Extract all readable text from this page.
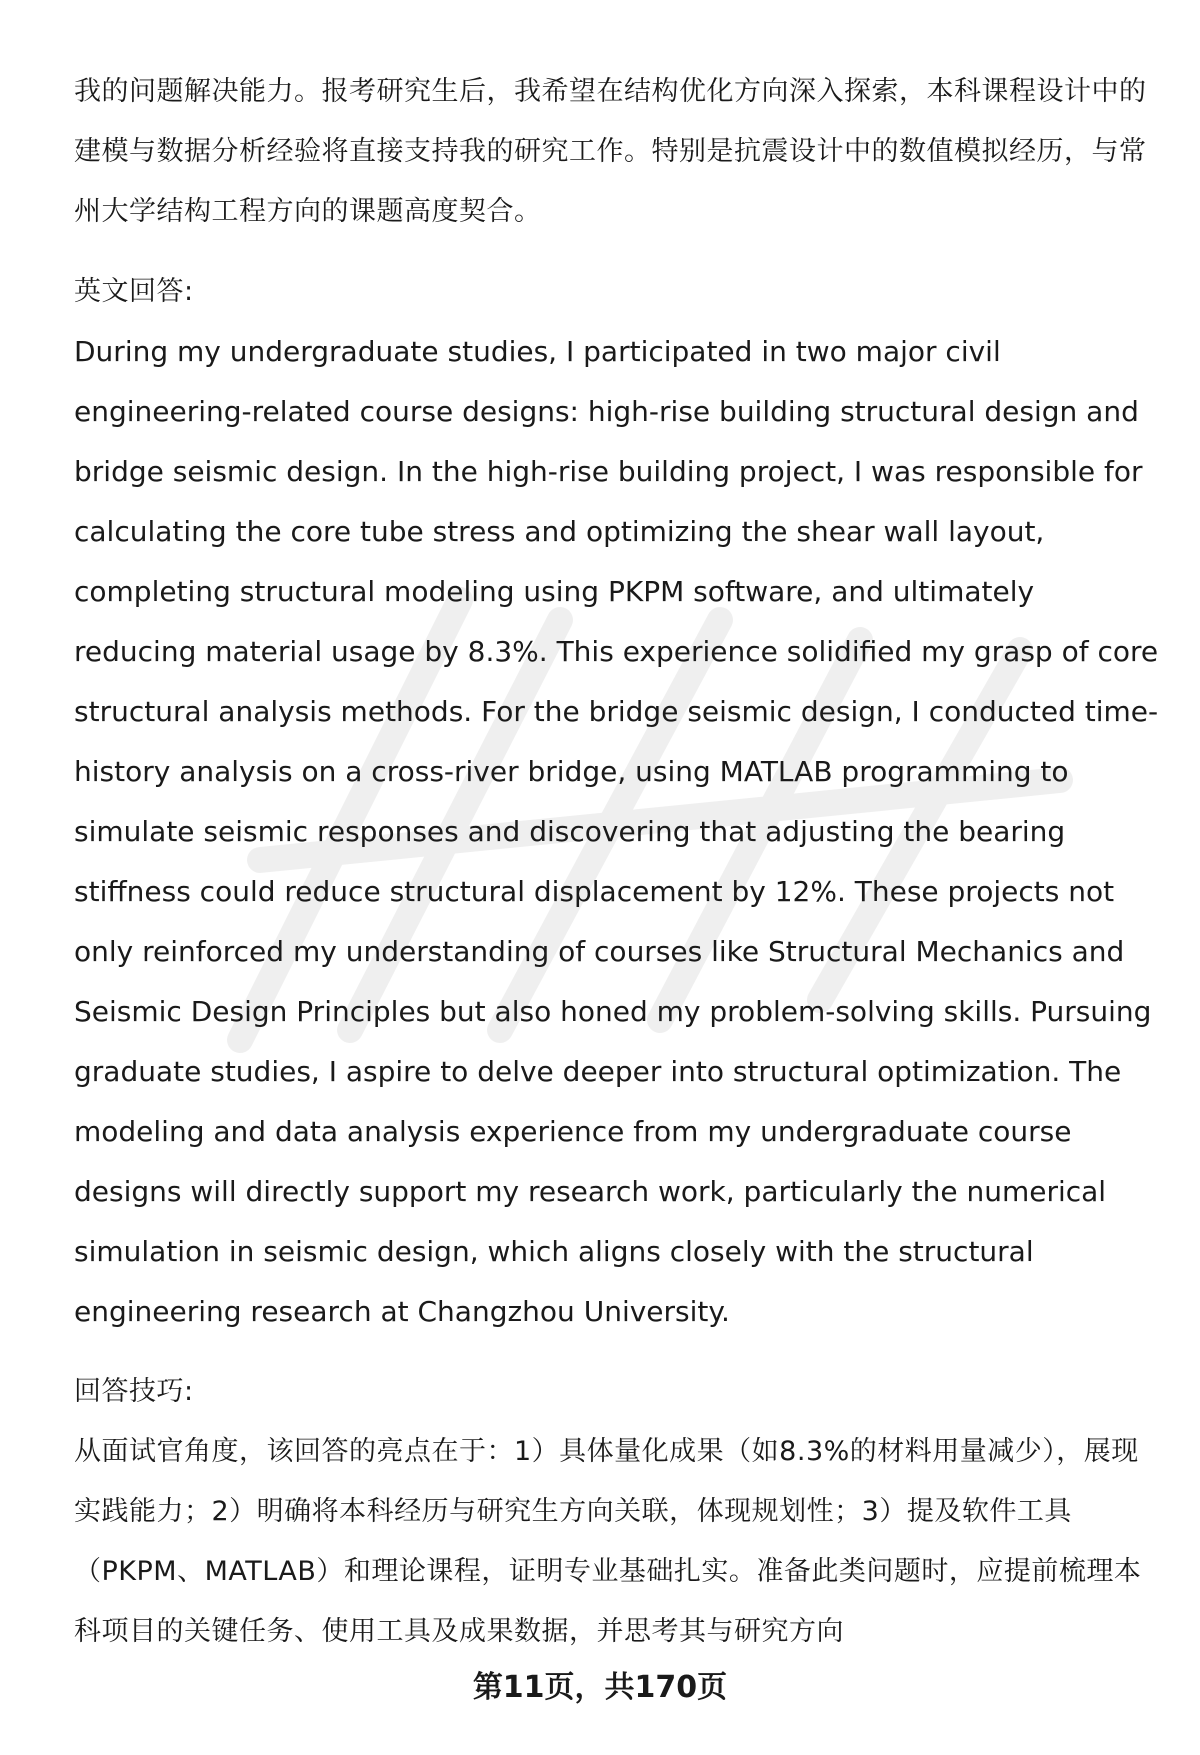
我的问题解决能力。报考研究生后，我希望在结构优化方向深入探索，本科课程设计中的建模与数据分析经验将直接支持我的研究工作。特别是抗震设计中的数值模拟经历，与常州大学结构工程方向的课题高度契合。

英文回答:

During my undergraduate studies, I participated in two major civil engineering-related course designs: high-rise building structural design and bridge seismic design. In the high-rise building project, I was responsible for calculating the core tube stress and optimizing the shear wall layout, completing structural modeling using PKPM software, and ultimately reducing material usage by 8.3%. This experience solidified my grasp of core structural analysis methods. For the bridge seismic design, I conducted time-history analysis on a cross-river bridge, using MATLAB programming to simulate seismic responses and discovering that adjusting the bearing stiffness could reduce structural displacement by 12%. These projects not only reinforced my understanding of courses like Structural Mechanics and Seismic Design Principles but also honed my problem-solving skills. Pursuing graduate studies, I aspire to delve deeper into structural optimization. The modeling and data analysis experience from my undergraduate course designs will directly support my research work, particularly the numerical simulation in seismic design, which aligns closely with the structural engineering research at Changzhou University.

回答技巧:

从面试官角度，该回答的亮点在于：1）具体量化成果（如8.3%的材料用量减少），展现实践能力；2）明确将本科经历与研究生方向关联，体现规划性；3）提及软件工具（PKPM、MATLAB）和理论课程，证明专业基础扎实。准备此类问题时，应提前梳理本科项目的关键任务、使用工具及成果数据，并思考其与研究方向

第11页，共170页
